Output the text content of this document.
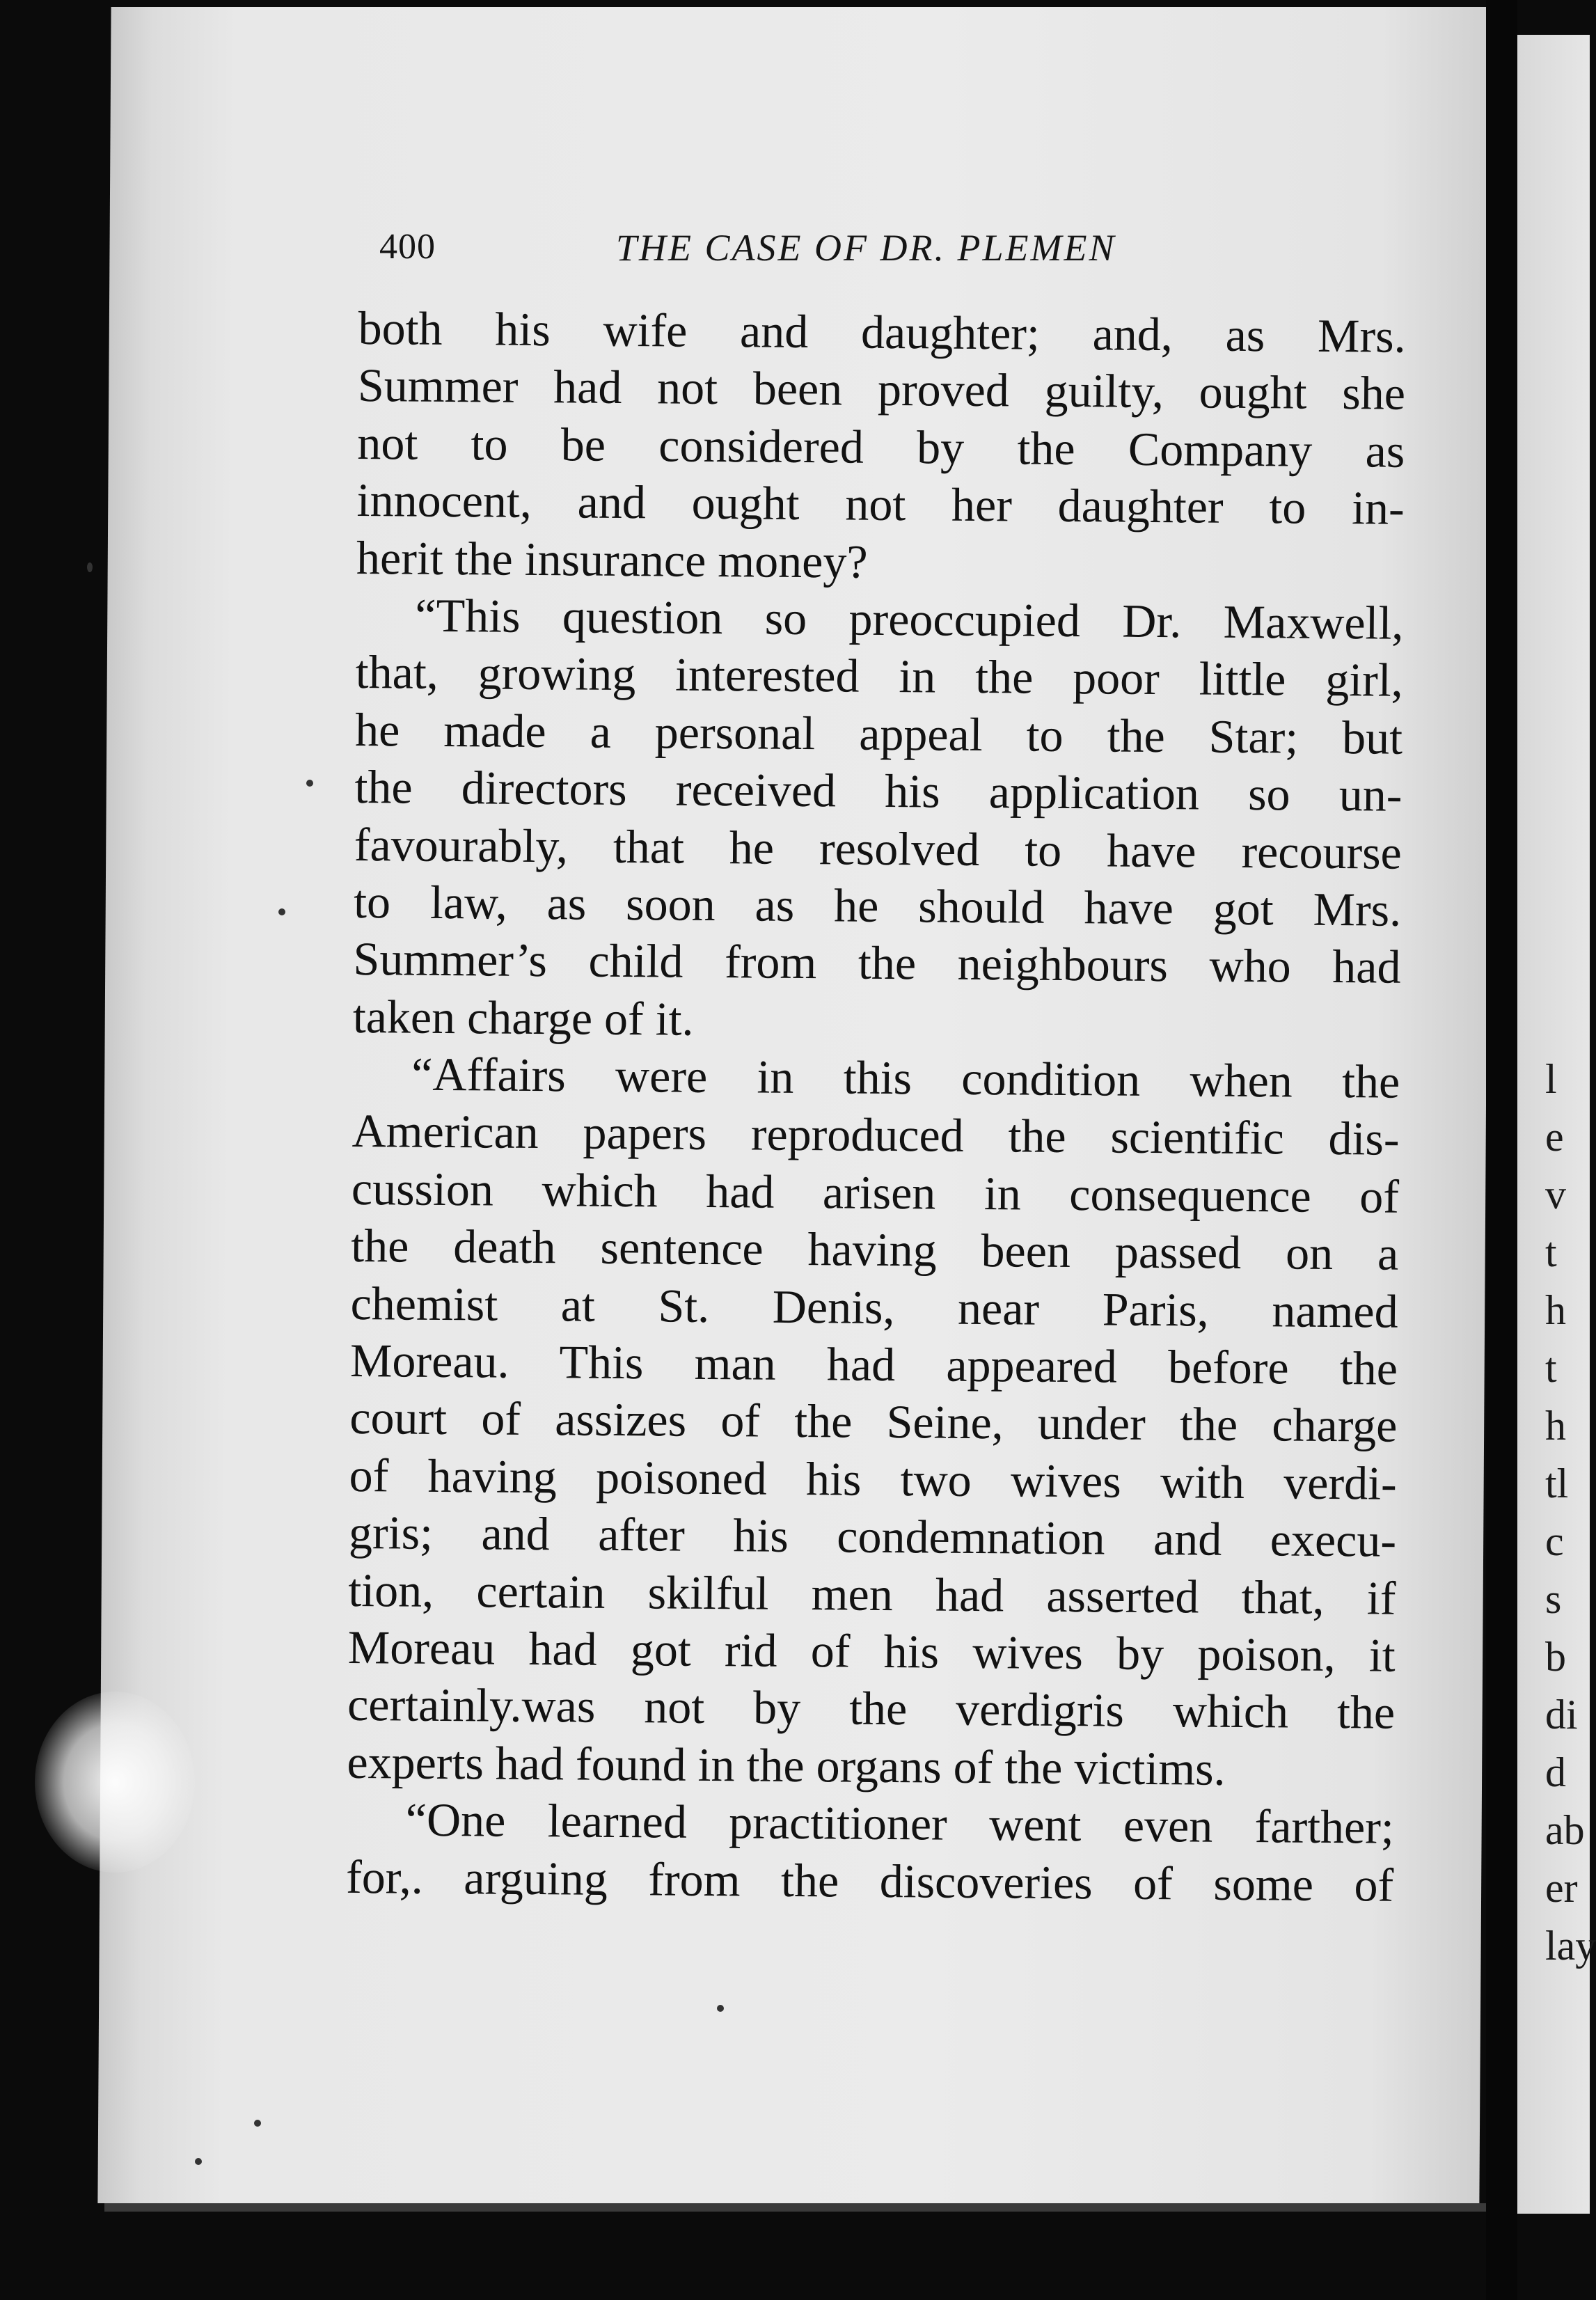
l
e
v
t
h
t
h
tl
c
s
b
di
d
ab
er
lay
400	THE CASE OF DR. PLEMEN
both his wife and daughter; and, as Mrs.
Summer had not been proved guilty, ought she
not to be considered by the Company as
innocent, and ought not her daughter to in-
herit the insurance money?
“This question so preoccupied Dr. Maxwell,
that, growing interested in the poor little girl,
he made a personal appeal to the Star; but
the directors received his application so un-
favourably, that he resolved to have recourse
to law, as soon as he should have got Mrs.
Summer’s child from the neighbours who had
taken charge of it.
“Affairs were in this condition when the
American papers reproduced the scientific dis-
cussion which had arisen in consequence of
the death sentence having been passed on a
chemist at St. Denis, near Paris, named
Moreau. This man had appeared before the
court of assizes of the Seine, under the charge
of having poisoned his two wives with verdi-
gris; and after his condemnation and execu-
tion, certain skilful men had asserted that, if
Moreau had got rid of his wives by poison, it
certainly.was not by the verdigris which the
experts had found in the organs of the victims.
“One learned practitioner went even farther;
for,. arguing from the discoveries of some of
